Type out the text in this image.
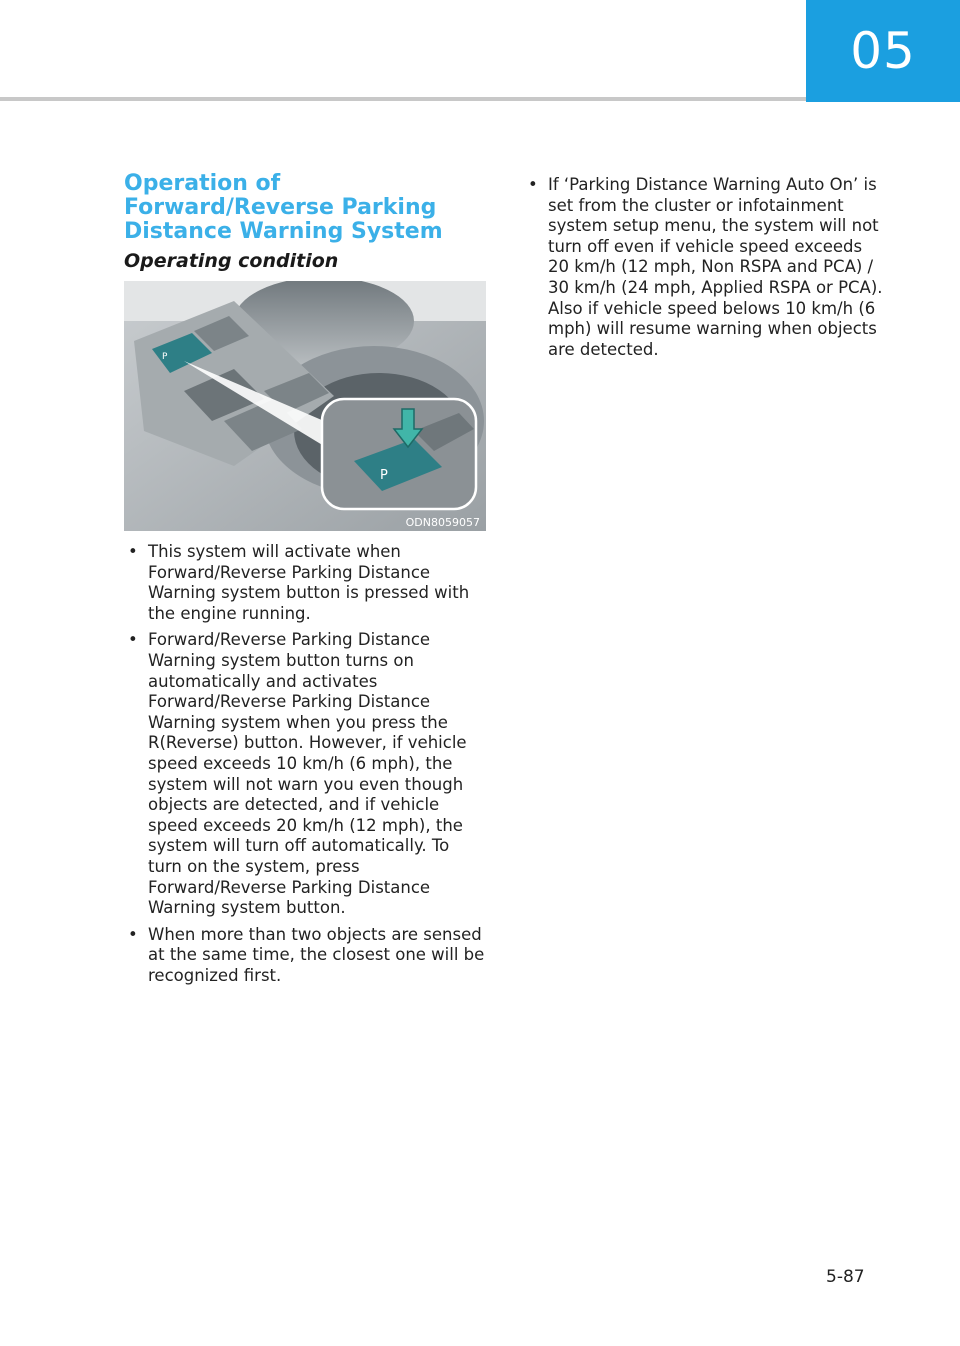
05
Operation of Forward/Reverse Parking Distance Warning System
Operating condition
P
P
ODN8059057
• This system will activate when Forward/Reverse Parking Distance Warning system button is pressed with the engine running.
• Forward/Reverse Parking Distance Warning system button turns on automatically and activates Forward/Reverse Parking Distance Warning system when you press the R(Reverse) button. However, if vehicle speed exceeds 10 km/h (6 mph), the system will not warn you even though objects are detected, and if vehicle speed exceeds 20 km/h (12 mph), the system will turn off automatically. To turn on the system, press Forward/Reverse Parking Distance Warning system button.
• When more than two objects are sensed at the same time, the closest one will be recognized first.
• If ‘Parking Distance Warning Auto On’ is set from the cluster or infotainment system setup menu, the system will not turn off even if vehicle speed exceeds 20 km/h (12 mph, Non RSPA and PCA) / 30 km/h (24 mph, Applied RSPA or PCA). Also if vehicle speed belows 10 km/h (6 mph) will resume warning when objects are detected.
5-87
